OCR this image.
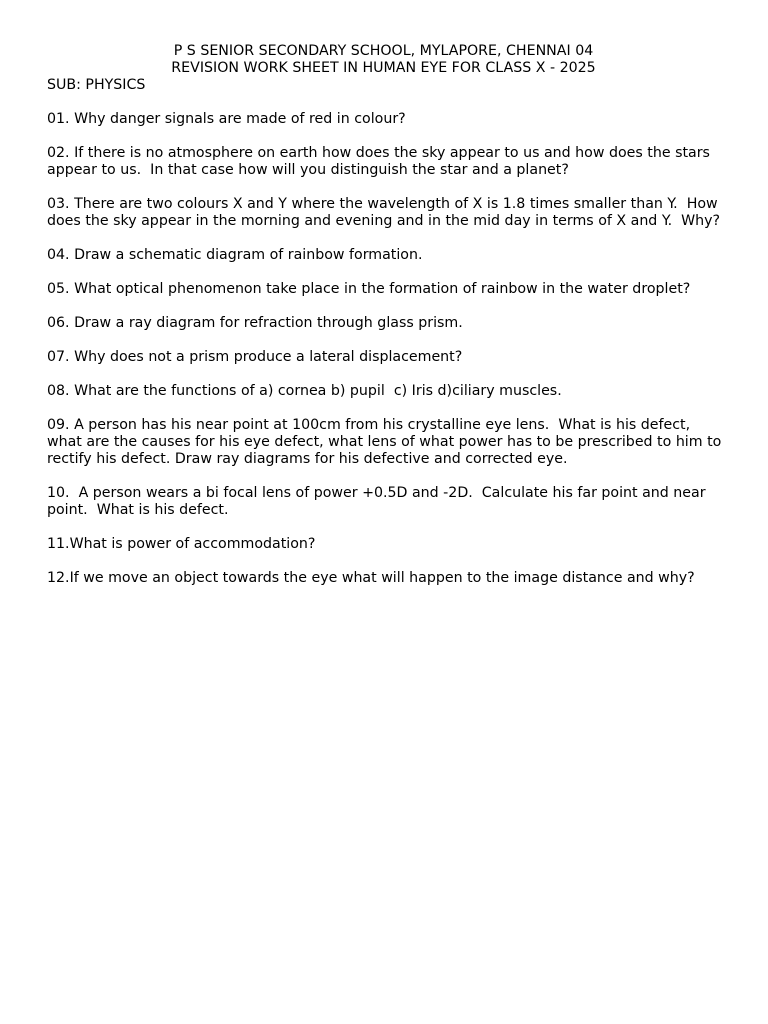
P S SENIOR SECONDARY SCHOOL, MYLAPORE, CHENNAI 04
REVISION WORK SHEET IN HUMAN EYE FOR CLASS X - 2025
SUB: PHYSICS
01. Why danger signals are made of red in colour?
02. If there is no atmosphere on earth how does the sky appear to us and how does the stars appear to us.  In that case how will you distinguish the star and a planet?
03. There are two colours X and Y where the wavelength of X is 1.8 times smaller than Y.  How does the sky appear in the morning and evening and in the mid day in terms of X and Y.  Why?
04. Draw a schematic diagram of rainbow formation.
05. What optical phenomenon take place in the formation of rainbow in the water droplet?
06. Draw a ray diagram for refraction through glass prism.
07. Why does not a prism produce a lateral displacement?
08. What are the functions of a) cornea b) pupil  c) Iris d)ciliary muscles.
09. A person has his near point at 100cm from his crystalline eye lens.  What is his defect, what are the causes for his eye defect, what lens of what power has to be prescribed to him to rectify his defect. Draw ray diagrams for his defective and corrected eye.
10.  A person wears a bi focal lens of power +0.5D and -2D.  Calculate his far point and near point.  What is his defect.
11.What is power of accommodation?
12.If we move an object towards the eye what will happen to the image distance and why?
